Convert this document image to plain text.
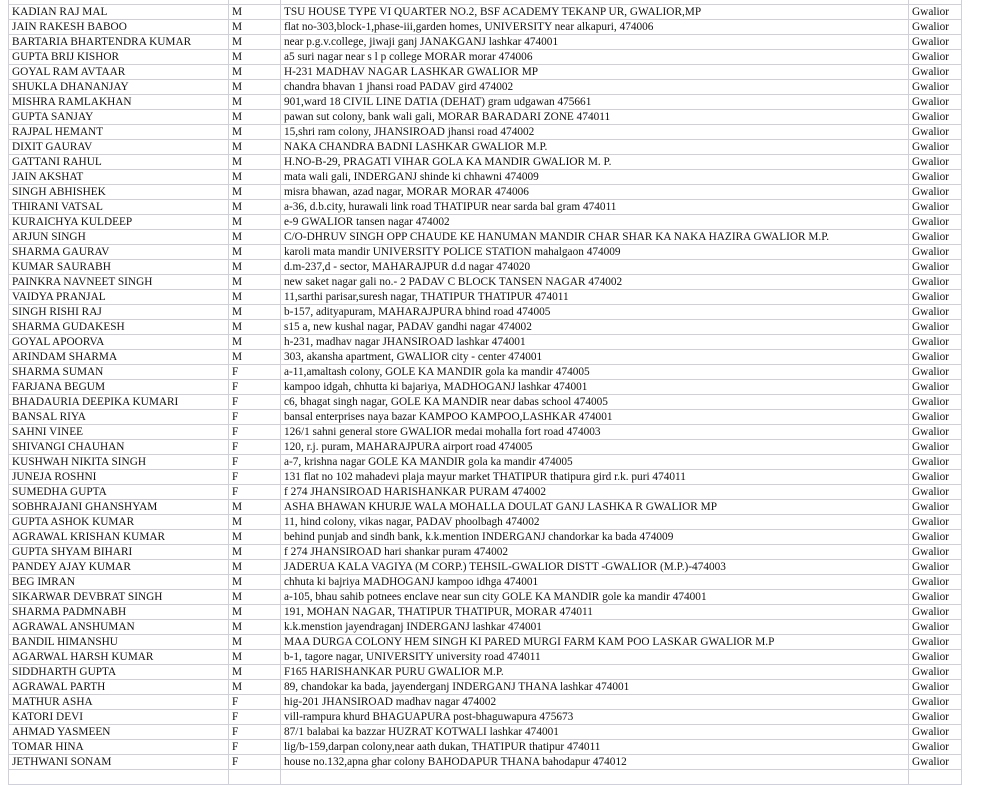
KADIAN RAJ MAL	M	TSU HOUSE TYPE VI QUARTER NO.2, BSF ACADEMY TEKANP UR, GWALIOR,MP	Gwalior
JAIN RAKESH BABOO	M	flat no-303,block-1,phase-iii,garden homes, UNIVERSITY near alkapuri, 474006	Gwalior
BARTARIA BHARTENDRA KUMAR	M	near p.g.v.college, jiwaji ganj JANAKGANJ lashkar 474001	Gwalior
GUPTA BRIJ KISHOR	M	a5 suri nagar near s l p college MORAR morar 474006	Gwalior
GOYAL RAM AVTAAR	M	H-231 MADHAV NAGAR LASHKAR GWALIOR MP	Gwalior
SHUKLA DHANANJAY	M	chandra bhavan 1 jhansi road PADAV gird 474002	Gwalior
MISHRA RAMLAKHAN	M	901,ward 18 CIVIL LINE DATIA (DEHAT) gram udgawan 475661	Gwalior
GUPTA SANJAY	M	pawan sut colony, bank wali gali, MORAR BARADARI ZONE 474011	Gwalior
RAJPAL HEMANT	M	15,shri ram colony, JHANSIROAD jhansi road 474002	Gwalior
DIXIT GAURAV	M	NAKA CHANDRA BADNI LASHKAR GWALIOR M.P.	Gwalior
GATTANI RAHUL	M	H.NO-B-29, PRAGATI VIHAR GOLA KA MANDIR GWALIOR M. P.	Gwalior
JAIN AKSHAT	M	mata wali gali, INDERGANJ shinde ki chhawni 474009	Gwalior
SINGH ABHISHEK	M	misra bhawan, azad nagar, MORAR MORAR 474006	Gwalior
THIRANI VATSAL	M	a-36, d.b.city, hurawali link road THATIPUR near sarda bal gram 474011	Gwalior
KURAICHYA KULDEEP	M	e-9 GWALIOR tansen nagar 474002	Gwalior
ARJUN SINGH	M	C/O-DHRUV SINGH OPP CHAUDE KE HANUMAN MANDIR CHAR SHAR KA NAKA HAZIRA GWALIOR M.P.	Gwalior
SHARMA GAURAV	M	karoli mata mandir UNIVERSITY POLICE STATION mahalgaon 474009	Gwalior
KUMAR SAURABH	M	d.m-237,d - sector, MAHARAJPUR d.d nagar 474020	Gwalior
PAINKRA NAVNEET SINGH	M	new saket nagar gali no.- 2 PADAV C BLOCK TANSEN NAGAR 474002	Gwalior
VAIDYA PRANJAL	M	11,sarthi parisar,suresh nagar, THATIPUR THATIPUR 474011	Gwalior
SINGH RISHI RAJ	M	b-157, adityapuram, MAHARAJPURA bhind road 474005	Gwalior
SHARMA GUDAKESH	M	s15 a, new kushal nagar, PADAV gandhi nagar 474002	Gwalior
GOYAL APOORVA	M	h-231, madhav nagar JHANSIROAD lashkar 474001	Gwalior
ARINDAM SHARMA	M	303, akansha apartment, GWALIOR city - center 474001	Gwalior
SHARMA SUMAN	F	a-11,amaltash colony, GOLE KA MANDIR gola ka mandir 474005	Gwalior
FARJANA BEGUM	F	kampoo idgah, chhutta ki bajariya, MADHOGANJ lashkar 474001	Gwalior
BHADAURIA DEEPIKA KUMARI	F	c6, bhagat singh nagar, GOLE KA MANDIR near dabas school 474005	Gwalior
BANSAL RIYA	F	bansal enterprises naya bazar KAMPOO KAMPOO,LASHKAR 474001	Gwalior
SAHNI VINEE	F	126/1 sahni general store GWALIOR medai mohalla fort road 474003	Gwalior
SHIVANGI CHAUHAN	F	120, r.j. puram, MAHARAJPURA airport road 474005	Gwalior
KUSHWAH NIKITA SINGH	F	a-7, krishna nagar GOLE KA MANDIR gola ka mandir 474005	Gwalior
JUNEJA ROSHNI	F	131 flat no 102 mahadevi plaja mayur market THATIPUR thatipura gird r.k. puri 474011	Gwalior
SUMEDHA GUPTA	F	f 274 JHANSIROAD HARISHANKAR PURAM 474002	Gwalior
SOBHRAJANI GHANSHYAM	M	ASHA BHAWAN KHURJE WALA MOHALLA DOULAT GANJ LASHKA R GWALIOR MP	Gwalior
GUPTA ASHOK KUMAR	M	11, hind colony, vikas nagar, PADAV phoolbagh 474002	Gwalior
AGRAWAL KRISHAN KUMAR	M	behind punjab and sindh bank, k.k.mention INDERGANJ chandorkar ka bada 474009	Gwalior
GUPTA SHYAM BIHARI	M	f 274 JHANSIROAD hari shankar puram 474002	Gwalior
PANDEY AJAY KUMAR	M	JADERUA KALA VAGIYA (M CORP.) TEHSIL-GWALIOR DISTT -GWALIOR (M.P.)-474003	Gwalior
BEG IMRAN	M	chhuta ki bajriya MADHOGANJ kampoo idhga 474001	Gwalior
SIKARWAR DEVBRAT SINGH	M	a-105, bhau sahib potnees enclave near sun city GOLE KA MANDIR gole ka mandir 474001	Gwalior
SHARMA PADMNABH	M	191, MOHAN NAGAR, THATIPUR THATIPUR, MORAR 474011	Gwalior
AGRAWAL ANSHUMAN	M	k.k.menstion jayendraganj INDERGANJ lashkar 474001	Gwalior
BANDIL HIMANSHU	M	MAA DURGA COLONY HEM SINGH KI PARED MURGI FARM KAM POO LASKAR GWALIOR M.P	Gwalior
AGARWAL HARSH KUMAR	M	b-1, tagore nagar, UNIVERSITY university road 474011	Gwalior
SIDDHARTH GUPTA	M	F165 HARISHANKAR PURU GWALIOR M.P.	Gwalior
AGRAWAL PARTH	M	89, chandokar ka bada, jayenderganj INDERGANJ THANA lashkar 474001	Gwalior
MATHUR ASHA	F	hig-201 JHANSIROAD madhav nagar 474002	Gwalior
KATORI DEVI	F	vill-rampura khurd BHAGUAPURA post-bhaguwapura 475673	Gwalior
AHMAD YASMEEN	F	87/1 balabai ka bazzar HUZRAT KOTWALI lashkar 474001	Gwalior
TOMAR HINA	F	lig/b-159,darpan colony,near aath dukan, THATIPUR thatipur 474011	Gwalior
JETHWANI SONAM	F	house no.132,apna ghar colony BAHODAPUR THANA bahodapur 474012	Gwalior
